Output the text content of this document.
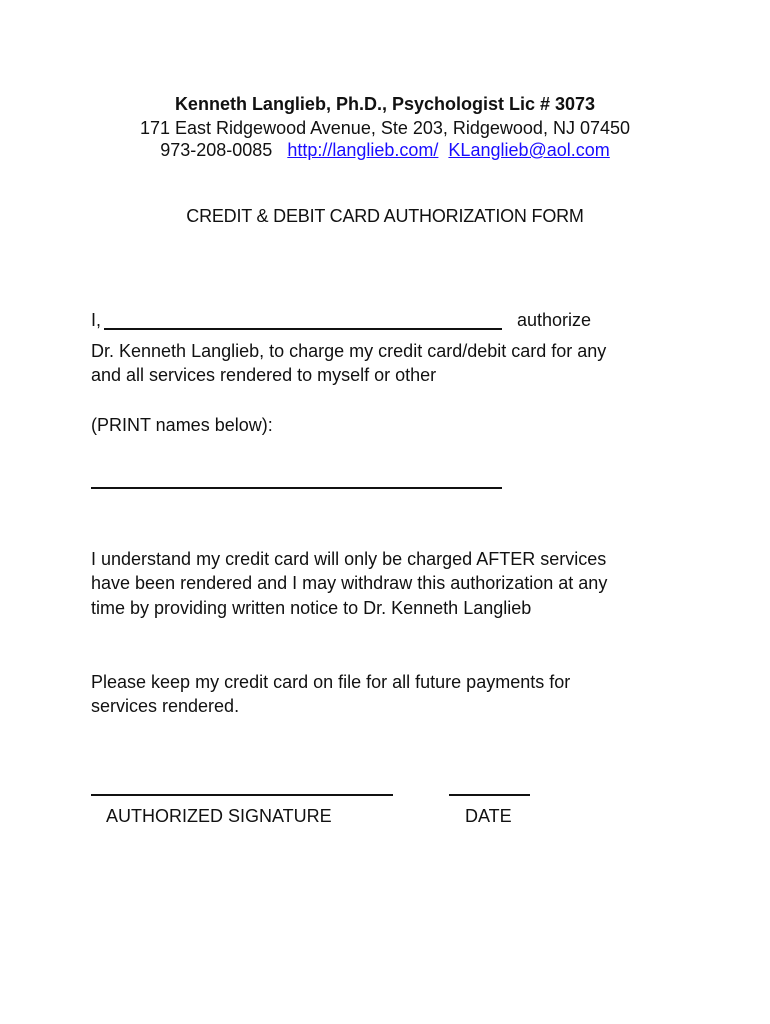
Kenneth Langlieb, Ph.D., Psychologist Lic # 3073
171 East Ridgewood Avenue, Ste 203, Ridgewood, NJ 07450
973-208-0085 http://langlieb.com/ KLanglieb@aol.com
CREDIT & DEBIT CARD AUTHORIZATION FORM
I,	authorize
Dr. Kenneth Langlieb, to charge my credit card/debit card for any
and all services rendered to myself or other
(PRINT names below):
I understand my credit card will only be charged AFTER services
have been rendered and I may withdraw this authorization at any
time by providing written notice to Dr. Kenneth Langlieb
Please keep my credit card on file for all future payments for
services rendered.
AUTHORIZED SIGNATURE	DATE
